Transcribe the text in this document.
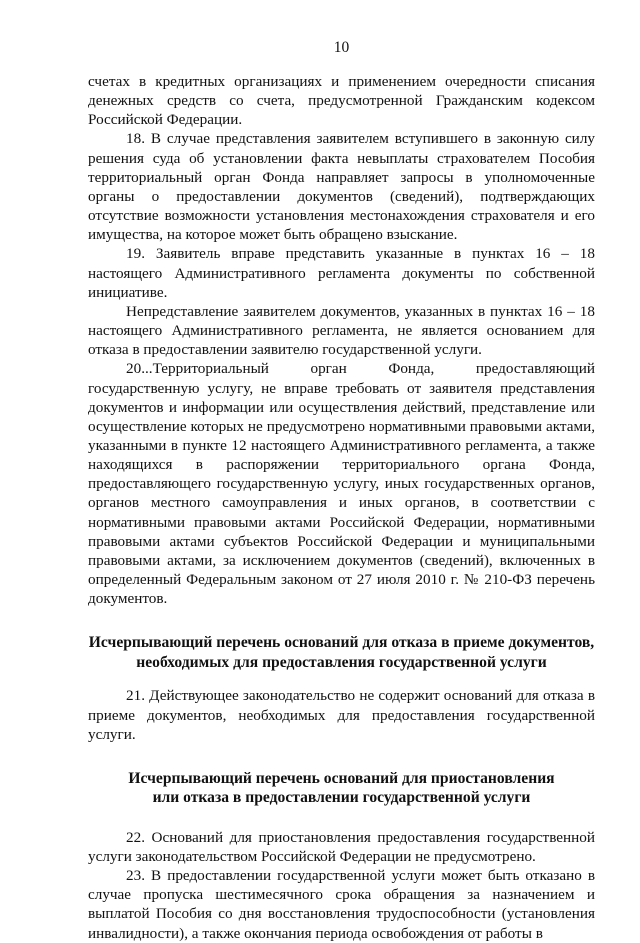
10

счетах в кредитных организациях и применением очередности списания денежных средств со счета, предусмотренной Гражданским кодексом Российской Федерации.

18. В случае представления заявителем вступившего в законную силу решения суда об установлении факта невыплаты страхователем Пособия территориальный орган Фонда направляет запросы в уполномоченные органы о предоставлении документов (сведений), подтверждающих отсутствие возможности установления местонахождения страхователя и его имущества, на которое может быть обращено взыскание.

19. Заявитель вправе представить указанные в пунктах 16 – 18 настоящего Административного регламента документы по собственной инициативе.

Непредставление заявителем документов, указанных в пунктах 16 – 18 настоящего Административного регламента, не является основанием для отказа в предоставлении заявителю государственной услуги.

20...Территориальный орган Фонда, предоставляющий государственную услугу, не вправе требовать от заявителя представления документов и информации или осуществления действий, представление или осуществление которых не предусмотрено нормативными правовыми актами, указанными в пункте 12 настоящего Административного регламента, а также находящихся в распоряжении территориального органа Фонда, предоставляющего государственную услугу, иных государственных органов, органов местного самоуправления и иных органов, в соответствии с нормативными правовыми актами Российской Федерации, нормативными правовыми актами субъектов Российской Федерации и муниципальными правовыми актами, за исключением документов (сведений), включенных в определенный Федеральным законом от 27 июля 2010 г. № 210-ФЗ перечень документов.

Исчерпывающий перечень оснований для отказа в приеме документов,
необходимых для предоставления государственной услуги

21. Действующее законодательство не содержит оснований для отказа в приеме документов, необходимых для предоставления государственной услуги.

Исчерпывающий перечень оснований для приостановления
или отказа в предоставлении государственной услуги

22. Оснований для приостановления предоставления государственной услуги законодательством Российской Федерации не предусмотрено.

23. В предоставлении государственной услуги может быть отказано в случае пропуска шестимесячного срока обращения за назначением и выплатой Пособия со дня восстановления трудоспособности (установления инвалидности), а также окончания периода освобождения от работы в
